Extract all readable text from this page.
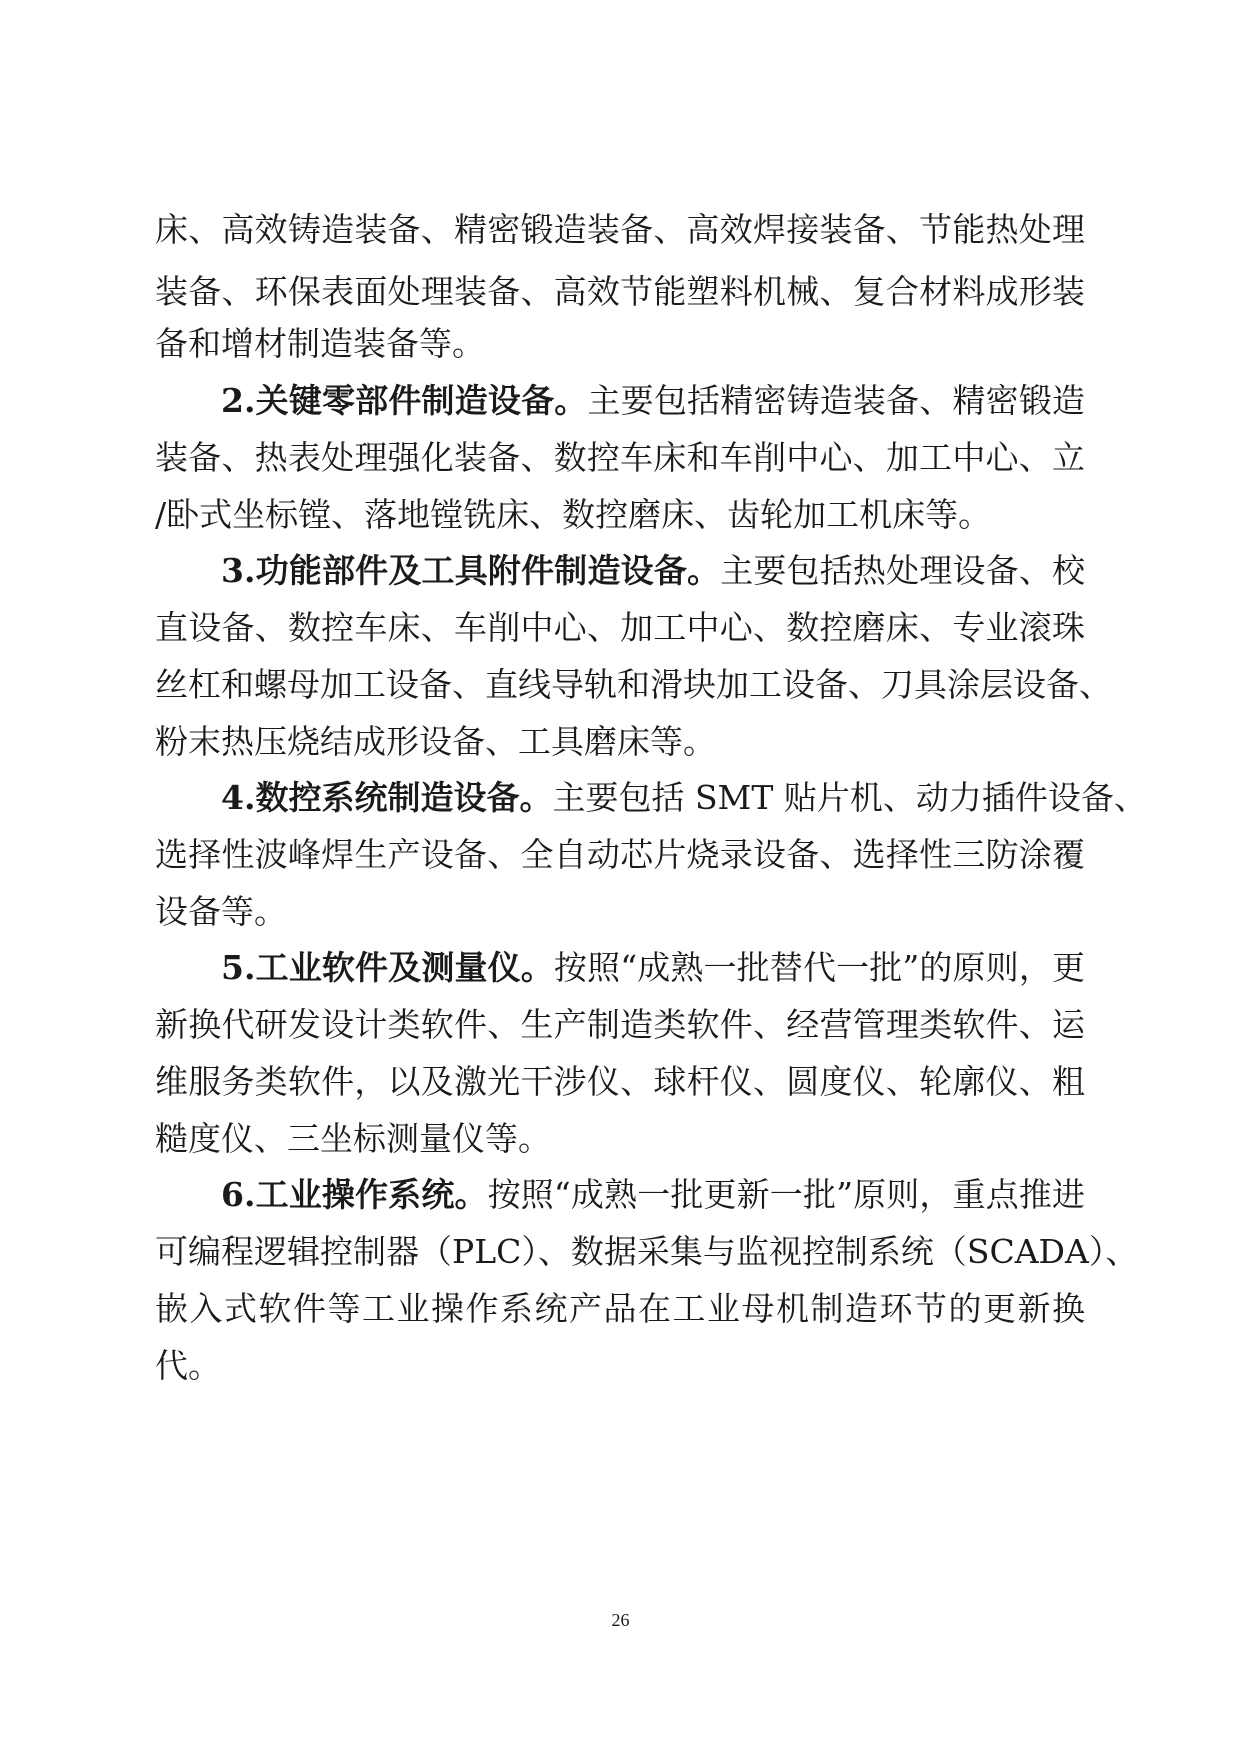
床、高效铸造装备、精密锻造装备、高效焊接装备、节能热处理
装备、环保表面处理装备、高效节能塑料机械、复合材料成形装
备和增材制造装备等。
2.关键零部件制造设备。主要包括精密铸造装备、精密锻造
装备、热表处理强化装备、数控车床和车削中心、加工中心、立
/卧式坐标镗、落地镗铣床、数控磨床、齿轮加工机床等。
3.功能部件及工具附件制造设备。主要包括热处理设备、校
直设备、数控车床、车削中心、加工中心、数控磨床、专业滚珠
丝杠和螺母加工设备、直线导轨和滑块加工设备、刀具涂层设备、
粉末热压烧结成形设备、工具磨床等。
4.数控系统制造设备。主要包括 SMT 贴片机、动力插件设备、
选择性波峰焊生产设备、全自动芯片烧录设备、选择性三防涂覆
设备等。
5.工业软件及测量仪。按照“成熟一批替代一批”的原则，更
新换代研发设计类软件、生产制造类软件、经营管理类软件、运
维服务类软件，以及激光干涉仪、球杆仪、圆度仪、轮廓仪、粗
糙度仪、三坐标测量仪等。
6.工业操作系统。按照“成熟一批更新一批”原则，重点推进
可编程逻辑控制器（PLC）、数据采集与监视控制系统（SCADA）、
嵌入式软件等工业操作系统产品在工业母机制造环节的更新换
代。
26
